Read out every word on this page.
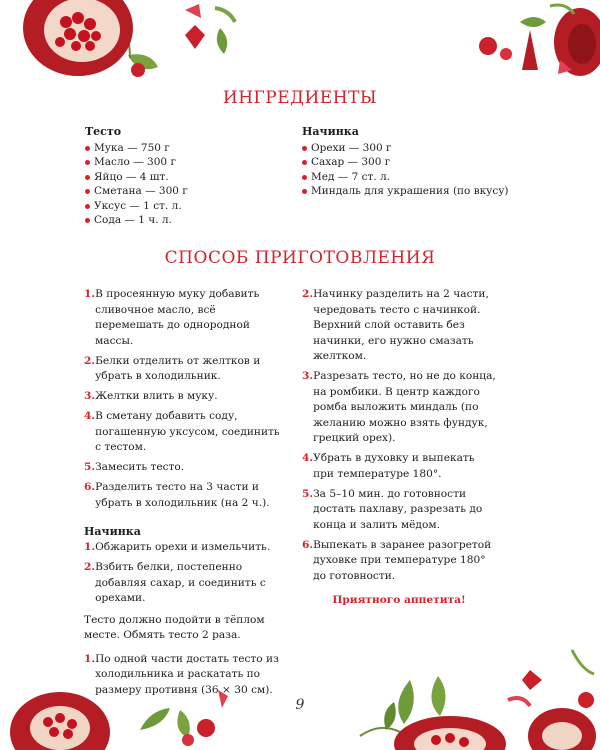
ИНГРЕДИЕНТЫ
Тесто
Мука — 750 г
Масло — 300 г
Яйцо — 4 шт.
Сметана — 300 г
Уксус — 1 ст. л.
Сода — 1 ч. л.
Начинка
Орехи — 300 г
Сахар — 300 г
Мед — 7 ст. л.
Миндаль для украшения (по вкусу)
СПОСОБ ПРИГОТОВЛЕНИЯ
1. В просеянную муку добавить сливочное масло, всё перемешать до однородной массы.
2. Белки отделить от желтков и убрать в холодильник.
3. Желтки влить в муку.
4. В сметану добавить соду, погашенную уксусом, соединить с тестом.
5. Замесить тесто.
6. Разделить тесто на 3 части и убрать в холодильник (на 2 ч.).
Начинка
1. Обжарить орехи и измельчить.
2. Взбить белки, постепенно добавляя сахар, и соединить с орехами.
Тесто должно подойти в тёплом месте. Обмять тесто 2 раза.
1. По одной части достать тесто из холодильника и раскатать по размеру противня (36 × 30 см).
2. Начинку разделить на 2 части, чередовать тесто с начинкой. Верхний слой оставить без начинки, его нужно смазать желтком.
3. Разрезать тесто, но не до конца, на ромбики. В центр каждого ромба выложить миндаль (по желанию можно взять фундук, грецкий орех).
4. Убрать в духовку и выпекать при температуре 180°.
5. За 5–10 мин. до готовности достать пахлаву, разрезать до конца и залить мёдом.
6. Выпекать в заранее разогретой духовке при температуре 180° до готовности.
Приятного аппетита!
9
